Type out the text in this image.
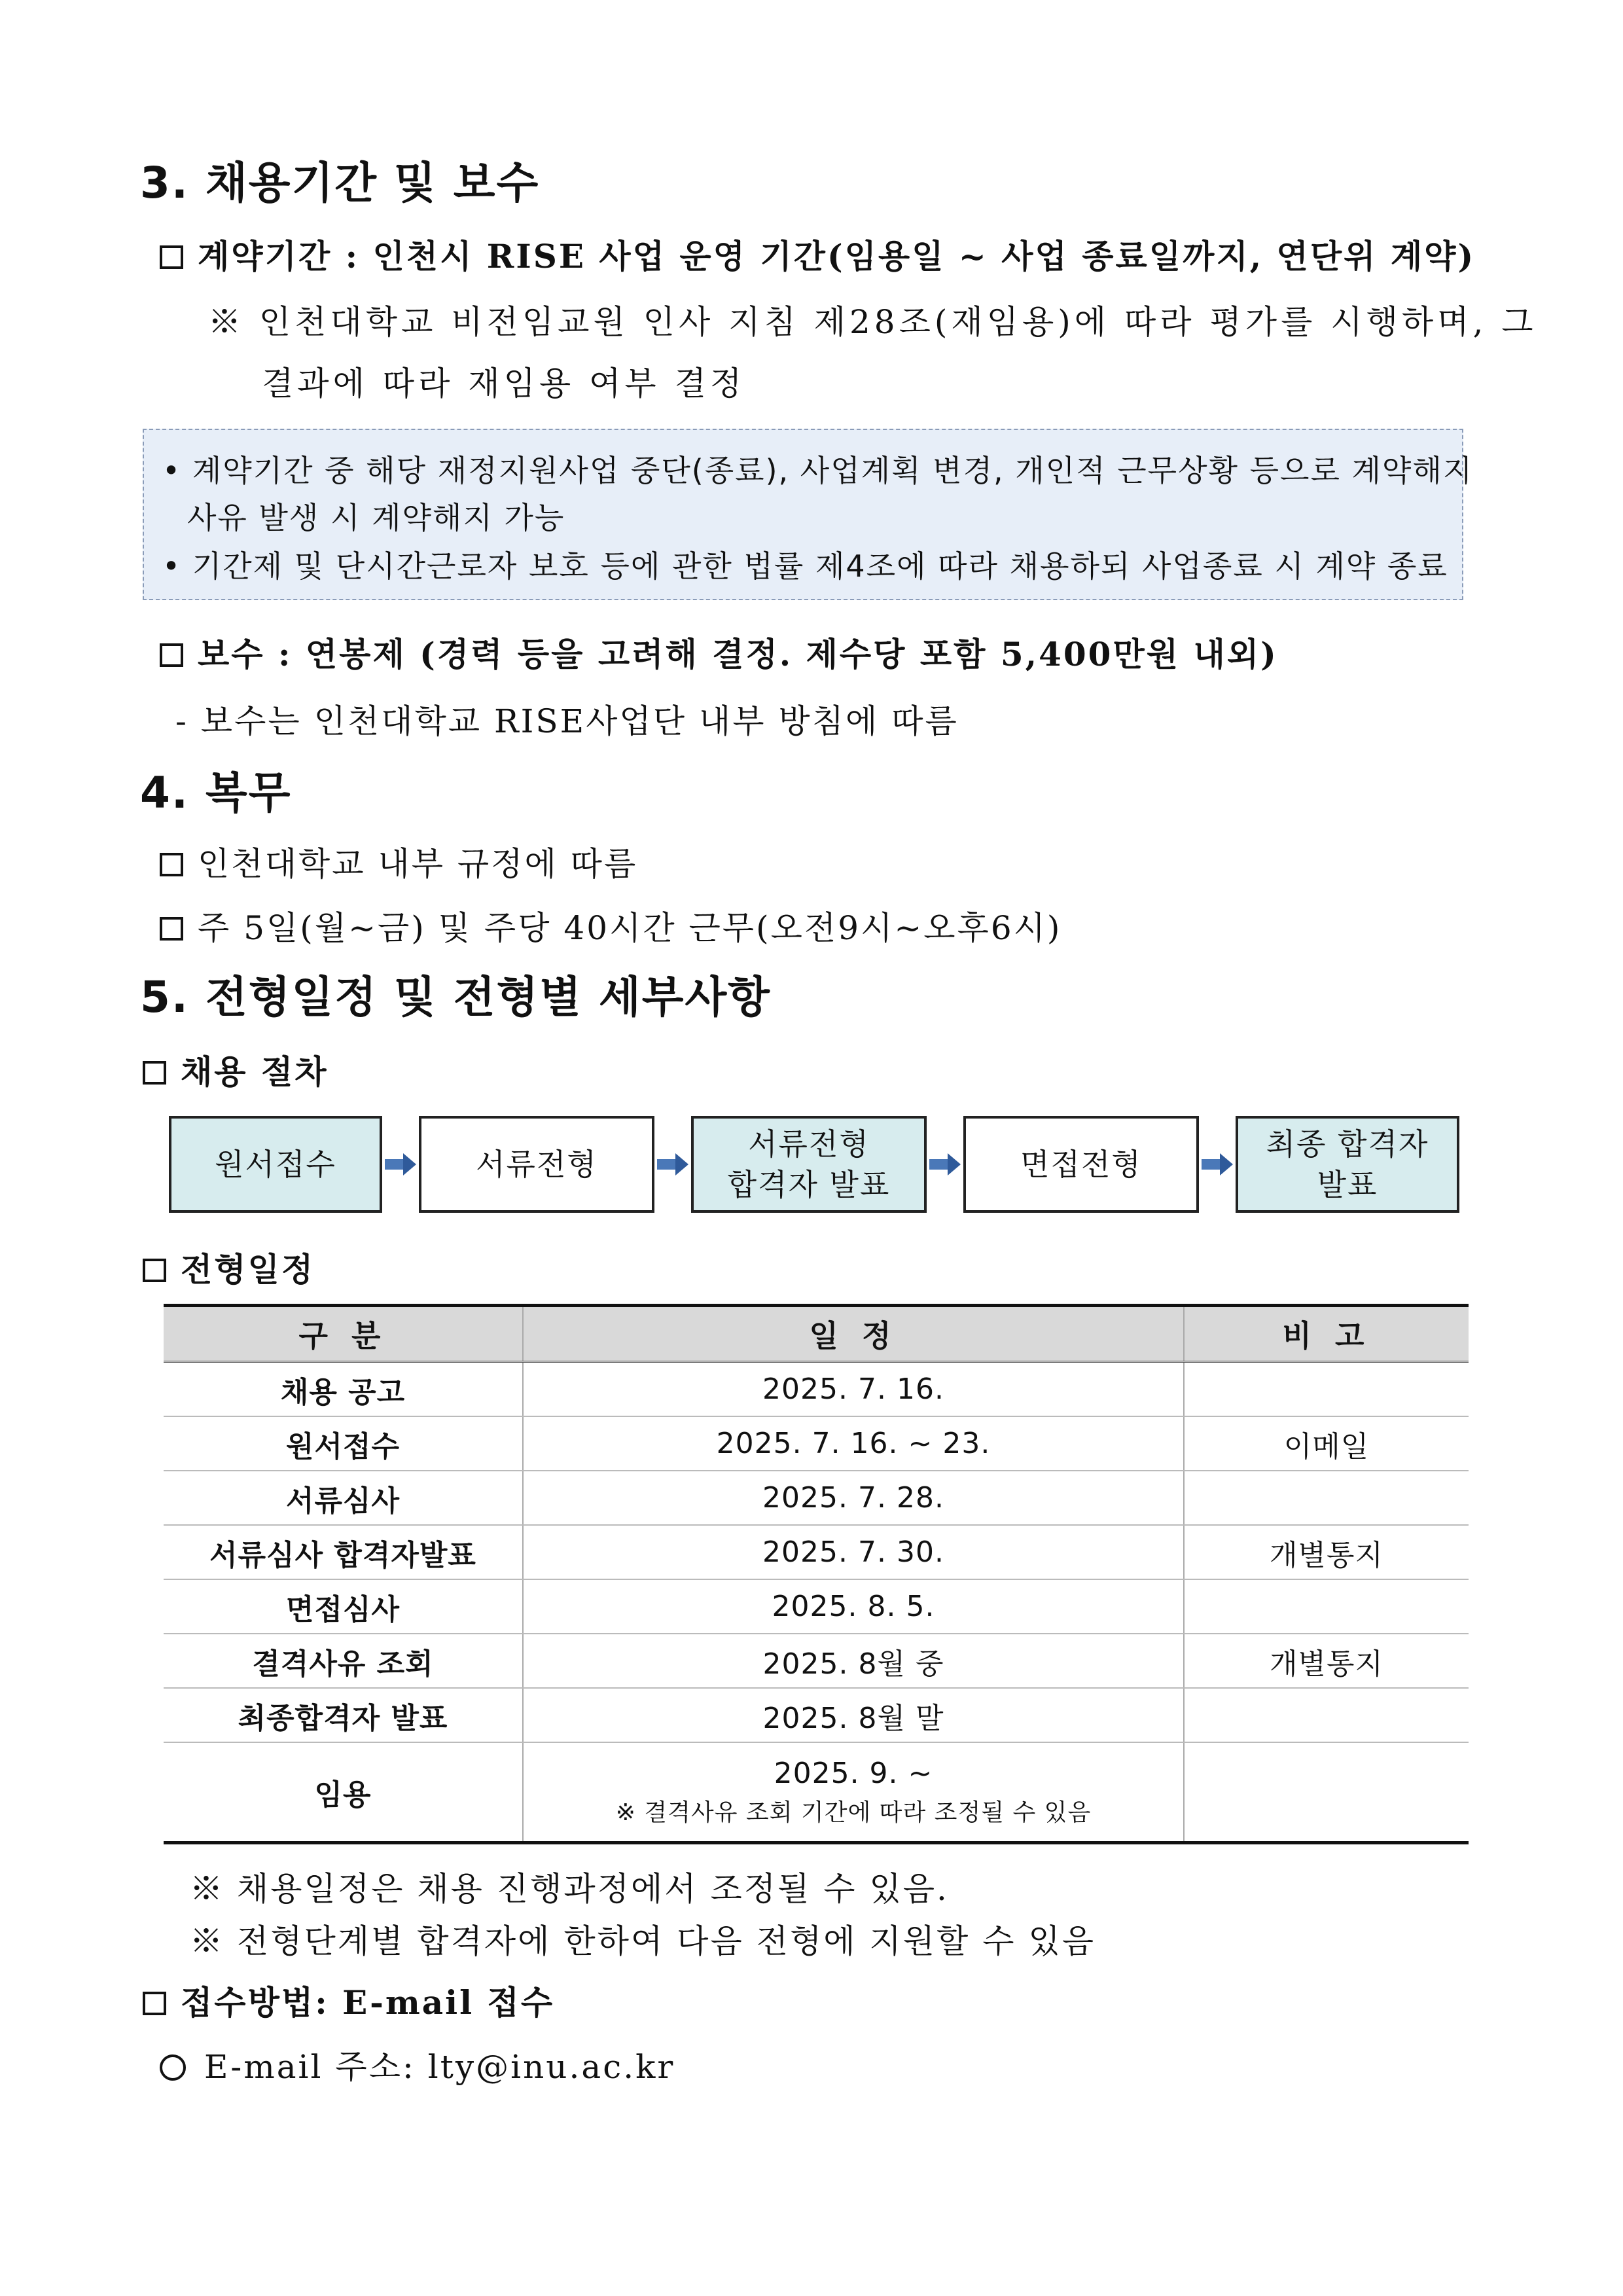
3. 채용기간 및 보수
계약기간 : 인천시 RISE 사업 운영 기간(임용일 ~ 사업 종료일까지, 연단위 계약)
※ 인천대학교 비전임교원 인사 지침 제28조(재임용)에 따라 평가를 시행하며, 그
결과에 따라 재임용 여부 결정
• 계약기간 중 해당 재정지원사업 중단(종료), 사업계획 변경, 개인적 근무상황 등으로 계약해지
사유 발생 시 계약해지 가능
• 기간제 및 단시간근로자 보호 등에 관한 법률 제4조에 따라 채용하되 사업종료 시 계약 종료
보수 : 연봉제 (경력 등을 고려해 결정. 제수당 포함 5,400만원 내외)
- 보수는 인천대학교 RISE사업단 내부 방침에 따름
4. 복무
인천대학교 내부 규정에 따름
주 5일(월~금) 및 주당 40시간 근무(오전9시~오후6시)
5. 전형일정 및 전형별 세부사항
채용 절차
원서접수	서류전형
서류전형
합격자 발표
면접전형
최종 합격자
발표
전형일정
구 분	일 정	비 고
채용 공고	2025. 7. 16.	
원서접수	2025. 7. 16. ~ 23.	이메일
서류심사	2025. 7. 28.	
서류심사 합격자발표	2025. 7. 30.	개별통지
면접심사	2025. 8. 5.	
결격사유 조회	2025. 8월 중	개별통지
최종합격자 발표	2025. 8월 말	
임용	2025. 9. ~
※ 결격사유 조회 기간에 따라 조정될 수 있음	

※ 채용일정은 채용 진행과정에서 조정될 수 있음.
※ 전형단계별 합격자에 한하여 다음 전형에 지원할 수 있음
접수방법: E-mail 접수
E-mail 주소: lty@inu.ac.kr
